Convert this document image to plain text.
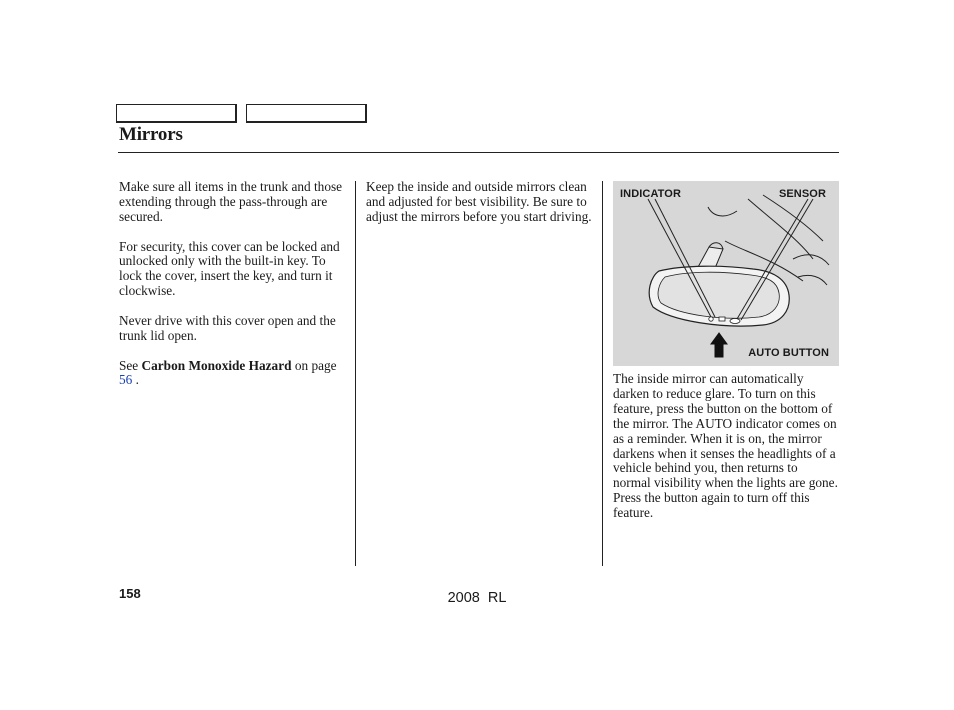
Mirrors

Make sure all items in the trunk and those extending through the pass-through are secured.

For security, this cover can be locked and unlocked only with the built-in key. To lock the cover, insert the key, and turn it clockwise.

Never drive with this cover open and the trunk lid open.

See Carbon Monoxide Hazard on page 56 .

Keep the inside and outside mirrors clean and adjusted for best visibility. Be sure to adjust the mirrors before you start driving.

INDICATOR	SENSOR
AUTO BUTTON

The inside mirror can automatically darken to reduce glare. To turn on this feature, press the button on the bottom of the mirror. The AUTO indicator comes on as a reminder. When it is on, the mirror darkens when it senses the headlights of a vehicle behind you, then returns to normal visibility when the lights are gone. Press the button again to turn off this feature.

158	2008  RL
